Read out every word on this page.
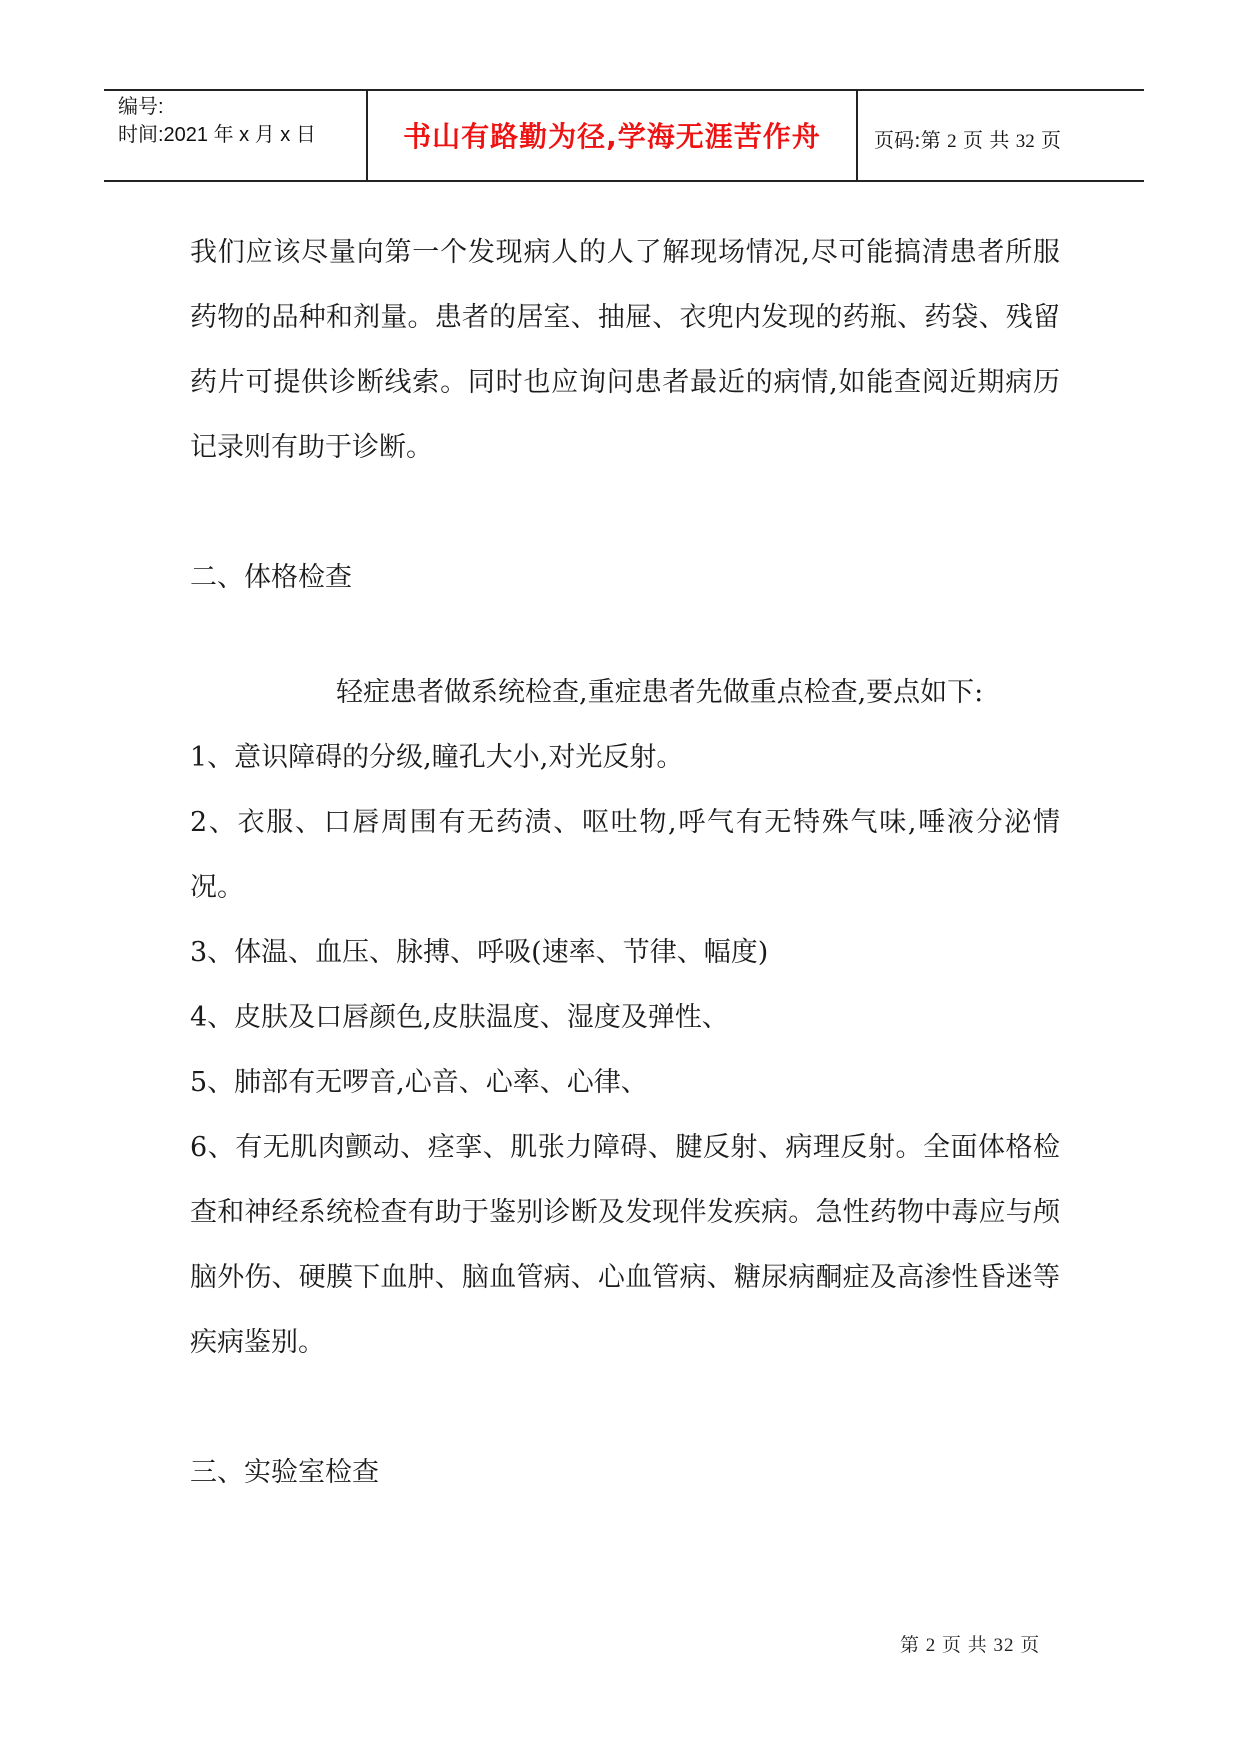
编号:
时间:2021 年 x 月 x 日	书山有路勤为径,学海无涯苦作舟	页码:第 2 页 共 32 页

我们应该尽量向第一个发现病人的人了解现场情况,尽可能搞清患者所服药物的品种和剂量。患者的居室、抽屉、衣兜内发现的药瓶、药袋、残留药片可提供诊断线索。同时也应询问患者最近的病情,如能查阅近期病历记录则有助于诊断。

二、体格检查

轻症患者做系统检查,重症患者先做重点检查,要点如下:

1、意识障碍的分级,瞳孔大小,对光反射。

2、衣服、口唇周围有无药渍、呕吐物,呼气有无特殊气味,唾液分泌情况。

3、体温、血压、脉搏、呼吸(速率、节律、幅度)

4、皮肤及口唇颜色,皮肤温度、湿度及弹性、

5、肺部有无啰音,心音、心率、心律、

6、有无肌肉颤动、痉挛、肌张力障碍、腱反射、病理反射。全面体格检查和神经系统检查有助于鉴别诊断及发现伴发疾病。急性药物中毒应与颅脑外伤、硬膜下血肿、脑血管病、心血管病、糖尿病酮症及高渗性昏迷等疾病鉴别。

三、实验室检查

第 2 页 共 32 页
